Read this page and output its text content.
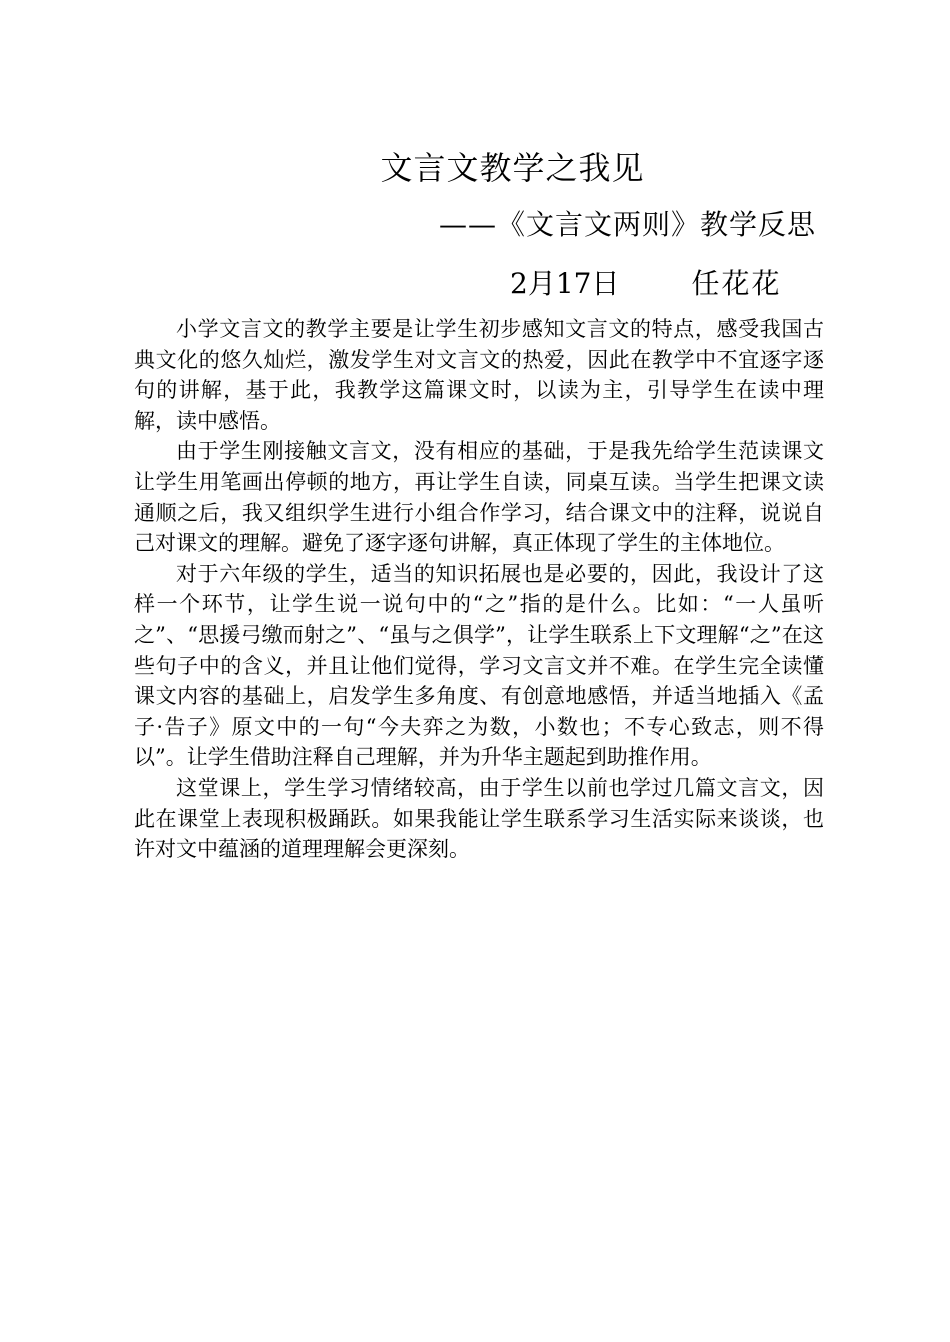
文言文教学之我见
——《文言文两则》教学反思
2月17日	任花花

小学文言文的教学主要是让学生初步感知文言文的特点，感受我国古典文化的悠久灿烂，激发学生对文言文的热爱，因此在教学中不宜逐字逐句的讲解，基于此，我教学这篇课文时，以读为主，引导学生在读中理解，读中感悟。

由于学生刚接触文言文，没有相应的基础，于是我先给学生范读课文让学生用笔画出停顿的地方，再让学生自读，同桌互读。当学生把课文读通顺之后，我又组织学生进行小组合作学习，结合课文中的注释，说说自己对课文的理解。避免了逐字逐句讲解，真正体现了学生的主体地位。

对于六年级的学生，适当的知识拓展也是必要的，因此，我设计了这样一个环节，让学生说一说句中的“之”指的是什么。比如：“一人虽听之”、“思援弓缴而射之”、“虽与之俱学”，让学生联系上下文理解“之”在这些句子中的含义，并且让他们觉得，学习文言文并不难。在学生完全读懂课文内容的基础上，启发学生多角度、有创意地感悟，并适当地插入《孟子·告子》原文中的一句“今夫弈之为数，小数也；不专心致志，则不得以”。让学生借助注释自己理解，并为升华主题起到助推作用。

这堂课上，学生学习情绪较高，由于学生以前也学过几篇文言文，因此在课堂上表现积极踊跃。如果我能让学生联系学习生活实际来谈谈，也许对文中蕴涵的道理理解会更深刻。
